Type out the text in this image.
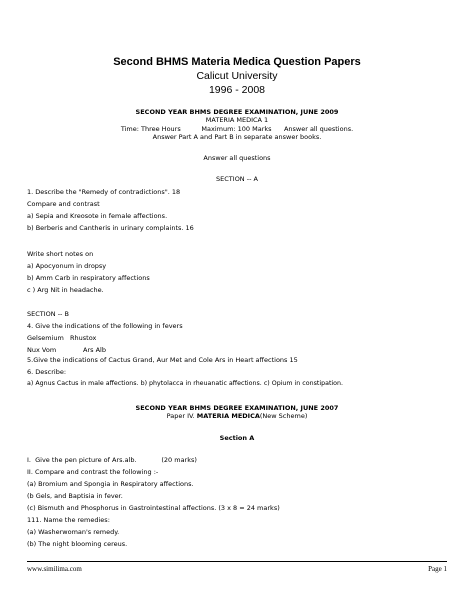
Second BHMS Materia Medica Question Papers
Calicut University
1996 - 2008
SECOND YEAR BHMS DEGREE EXAMINATION, JUNE 2009
MATERIA MEDICA 1
Time: Three Hours          Maximum: 100 Marks      Answer all questions.
Answer Part A and Part B in separate answer books.
Answer all questions
SECTION -- A
1. Describe the "Remedy of contradictions". 18
Compare and contrast
a) Sepia and Kreosote in female affections.
b) Berberis and Cantheris in urinary complaints. 16
Write short notes on
a) Apocyonum in dropsy
b) Amm Carb in respiratory affections
c ) Arg Nit in headache.
SECTION -- B
4. Give the indications of the following in fevers
Gelsemium   Rhustox
Nux Vom             Ars Alb
5.Give the indications of Cactus Grand, Aur Met and Cole Ars in Heart affections 15
6. Describe:
a) Agnus Cactus in male affections. b) phytolacca in rheuanatic affections. c) Opium in constipation.
SECOND YEAR BHMS DEGREE EXAMINATION, JUNE 2007
Paper IV. MATERIA MEDICA(New Scheme)
Section A
I.  Give the pen picture of Ars.alb.            (20 marks)
II. Compare and contrast the following :-
(a) Bromium and Spongia in Respiratory affections.
(b Gels, and Baptisia in fever.
(c) Bismuth and Phosphorus in Gastrointestinal affections. (3 x 8 = 24 marks)
111. Name the remedies:
(a) Washerwoman's remedy.
(b) The night blooming cereus.
www.similima.com	Page 1
